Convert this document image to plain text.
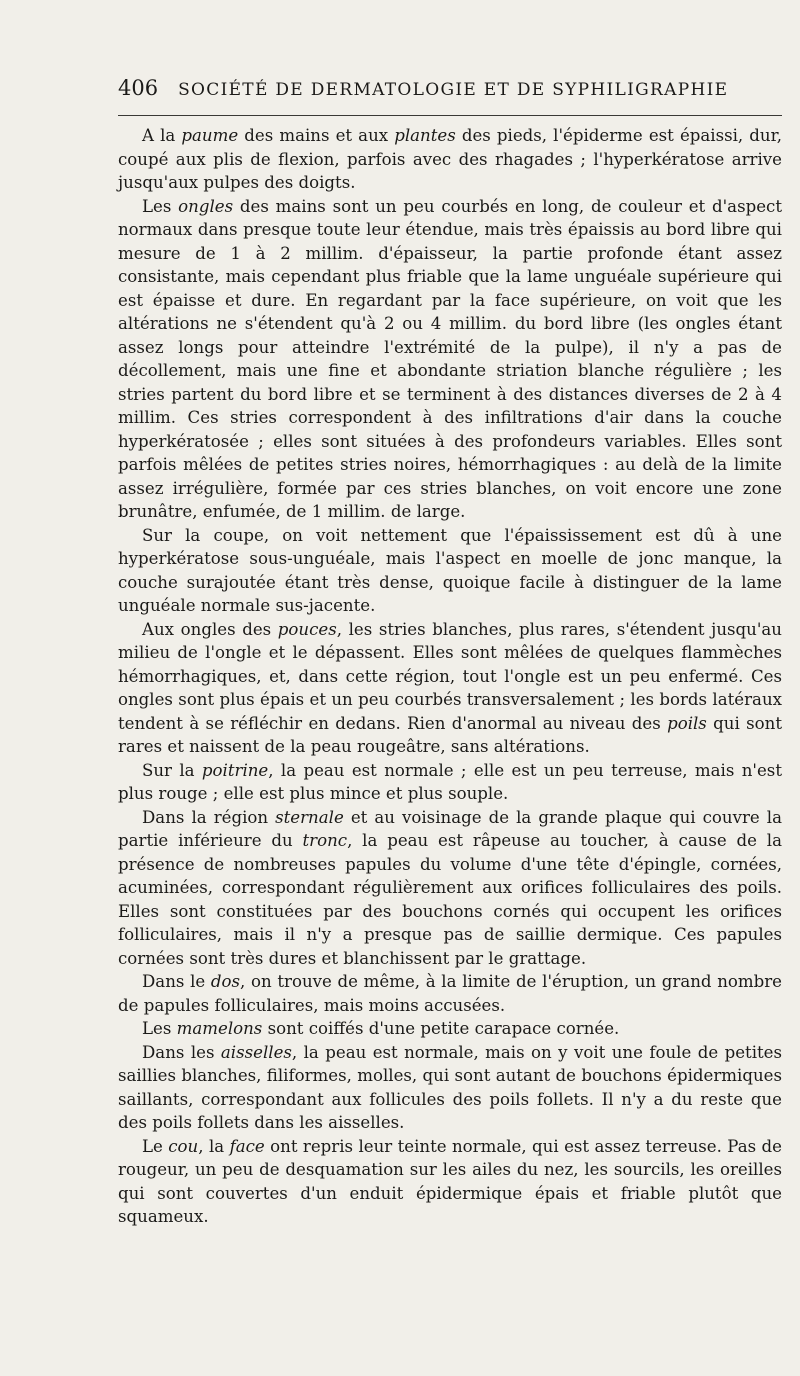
406 SOCIÉTÉ DE DERMATOLOGIE ET DE SYPHILIGRAPHIE

A la paume des mains et aux plantes des pieds, l'épiderme est épaissi, dur, coupé aux plis de flexion, parfois avec des rhagades ; l'hyperkératose arrive jusqu'aux pulpes des doigts.

Les ongles des mains sont un peu courbés en long, de couleur et d'aspect normaux dans presque toute leur étendue, mais très épaissis au bord libre qui mesure de 1 à 2 millim. d'épaisseur, la partie profonde étant assez consistante, mais cependant plus friable que la lame unguéale supérieure qui est épaisse et dure. En regardant par la face supérieure, on voit que les altérations ne s'étendent qu'à 2 ou 4 millim. du bord libre (les ongles étant assez longs pour atteindre l'extrémité de la pulpe), il n'y a pas de décollement, mais une fine et abondante striation blanche régulière ; les stries partent du bord libre et se terminent à des distances diverses de 2 à 4 millim. Ces stries correspondent à des infiltrations d'air dans la couche hyperkératosée ; elles sont situées à des profondeurs variables. Elles sont parfois mêlées de petites stries noires, hémorrhagiques : au delà de la limite assez irrégulière, formée par ces stries blanches, on voit encore une zone brunâtre, enfumée, de 1 millim. de large.

Sur la coupe, on voit nettement que l'épaississement est dû à une hyperkératose sous-unguéale, mais l'aspect en moelle de jonc manque, la couche surajoutée étant très dense, quoique facile à distinguer de la lame unguéale normale sus-jacente.

Aux ongles des pouces, les stries blanches, plus rares, s'étendent jusqu'au milieu de l'ongle et le dépassent. Elles sont mêlées de quelques flammèches hémorrhagiques, et, dans cette région, tout l'ongle est un peu enfermé. Ces ongles sont plus épais et un peu courbés transversalement ; les bords latéraux tendent à se réfléchir en dedans. Rien d'anormal au niveau des poils qui sont rares et naissent de la peau rougeâtre, sans altérations.

Sur la poitrine, la peau est normale ; elle est un peu terreuse, mais n'est plus rouge ; elle est plus mince et plus souple.

Dans la région sternale et au voisinage de la grande plaque qui couvre la partie inférieure du tronc, la peau est râpeuse au toucher, à cause de la présence de nombreuses papules du volume d'une tête d'épingle, cornées, acuminées, correspondant régulièrement aux orifices folliculaires des poils. Elles sont constituées par des bouchons cornés qui occupent les orifices folliculaires, mais il n'y a presque pas de saillie dermique. Ces papules cornées sont très dures et blanchissent par le grattage.

Dans le dos, on trouve de même, à la limite de l'éruption, un grand nombre de papules folliculaires, mais moins accusées.

Les mamelons sont coiffés d'une petite carapace cornée.

Dans les aisselles, la peau est normale, mais on y voit une foule de petites saillies blanches, filiformes, molles, qui sont autant de bouchons épidermiques saillants, correspondant aux follicules des poils follets. Il n'y a du reste que des poils follets dans les aisselles.

Le cou, la face ont repris leur teinte normale, qui est assez terreuse. Pas de rougeur, un peu de desquamation sur les ailes du nez, les sourcils, les oreilles qui sont couvertes d'un enduit épidermique épais et friable plutôt que squameux.
